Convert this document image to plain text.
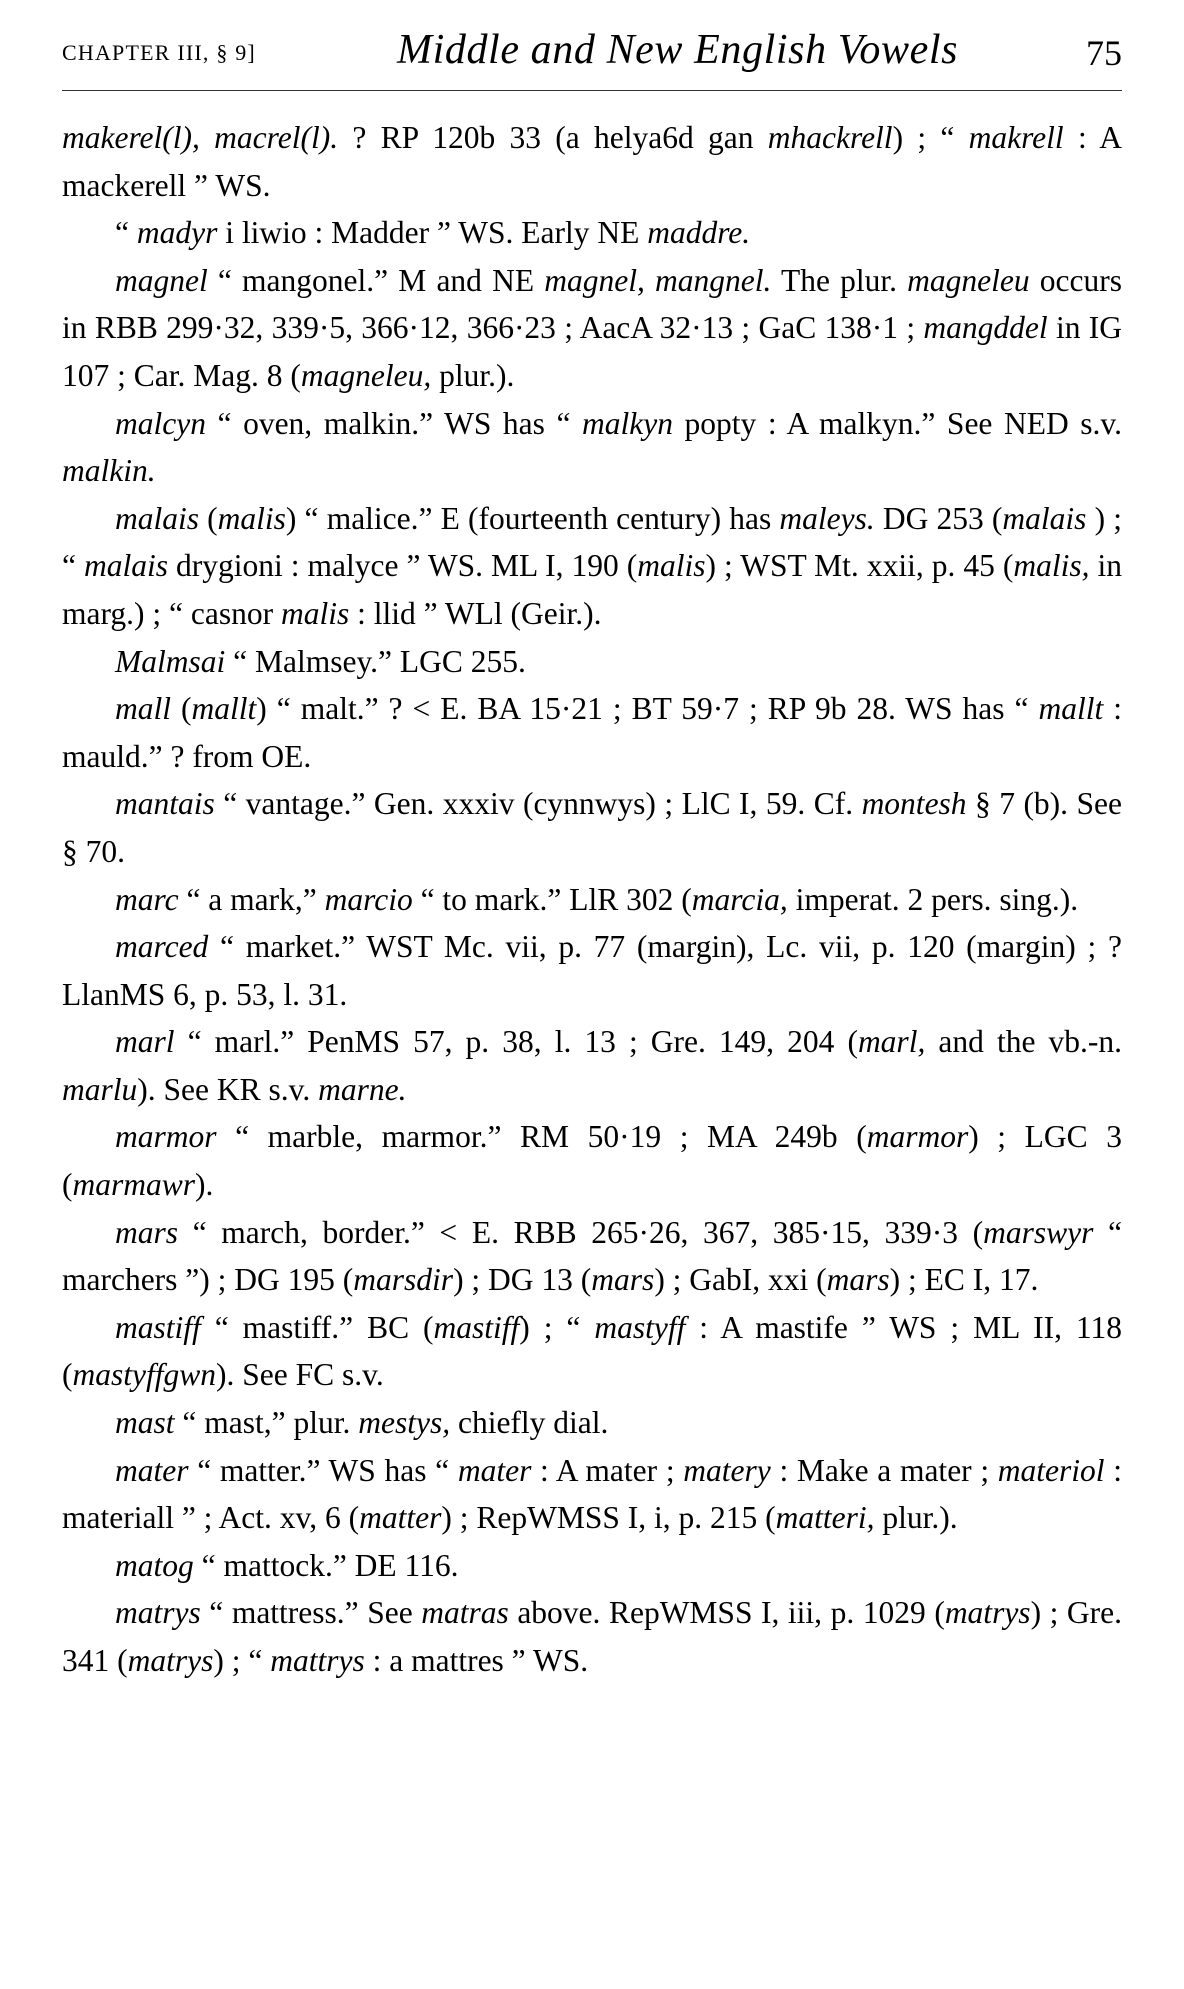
CHAPTER III, § 9]	Middle and New English Vowels	75

makerel(l), macrel(l). ? RP 120b 33 (a helya6d gan mhackrell) ; “ makrell : A mackerell ” WS.

“ madyr i liwio : Madder ” WS. Early NE maddre.

magnel “ mangonel.” M and NE magnel, mangnel. The plur. magneleu occurs in RBB 299·32, 339·5, 366·12, 366·23 ; AacA 32·13 ; GaC 138·1 ; mangddel in IG 107 ; Car. Mag. 8 (magneleu, plur.).

malcyn “ oven, malkin.” WS has “ malkyn popty : A malkyn.” See NED s.v. malkin.

malais (malis) “ malice.” E (fourteenth century) has maleys. DG 253 (malais ) ; “ malais drygioni : malyce ” WS. ML I, 190 (malis) ; WST Mt. xxii, p. 45 (malis, in marg.) ; “ casnor malis : llid ” WLl (Geir.).

Malmsai “ Malmsey.” LGC 255.

mall (mallt) “ malt.” ? < E. BA 15·21 ; BT 59·7 ; RP 9b 28. WS has “ mallt : mauld.” ? from OE.

mantais “ vantage.” Gen. xxxiv (cynnwys) ; LlC I, 59. Cf. montesh § 7 (b). See § 70.

marc “ a mark,” marcio “ to mark.” LlR 302 (marcia, imperat. 2 pers. sing.).

marced “ market.” WST Mc. vii, p. 77 (margin), Lc. vii, p. 120 (margin) ; ? LlanMS 6, p. 53, l. 31.

marl “ marl.” PenMS 57, p. 38, l. 13 ; Gre. 149, 204 (marl, and the vb.-n. marlu). See KR s.v. marne.

marmor “ marble, marmor.” RM 50·19 ; MA 249b (marmor) ; LGC 3 (marmawr).

mars “ march, border.” < E. RBB 265·26, 367, 385·15, 339·3 (marswyr “ marchers ”) ; DG 195 (marsdir) ; DG 13 (mars) ; GabI, xxi (mars) ; EC I, 17.

mastiff “ mastiff.” BC (mastiff) ; “ mastyff : A mastife ” WS ; ML II, 118 (mastyffgwn). See FC s.v.

mast “ mast,” plur. mestys, chiefly dial.

mater “ matter.” WS has “ mater : A mater ; matery : Make a mater ; materiol : materiall ” ; Act. xv, 6 (matter) ; RepWMSS I, i, p. 215 (matteri, plur.).

matog “ mattock.” DE 116.

matrys “ mattress.” See matras above. RepWMSS I, iii, p. 1029 (matrys) ; Gre. 341 (matrys) ; “ mattrys : a mattres ” WS.
